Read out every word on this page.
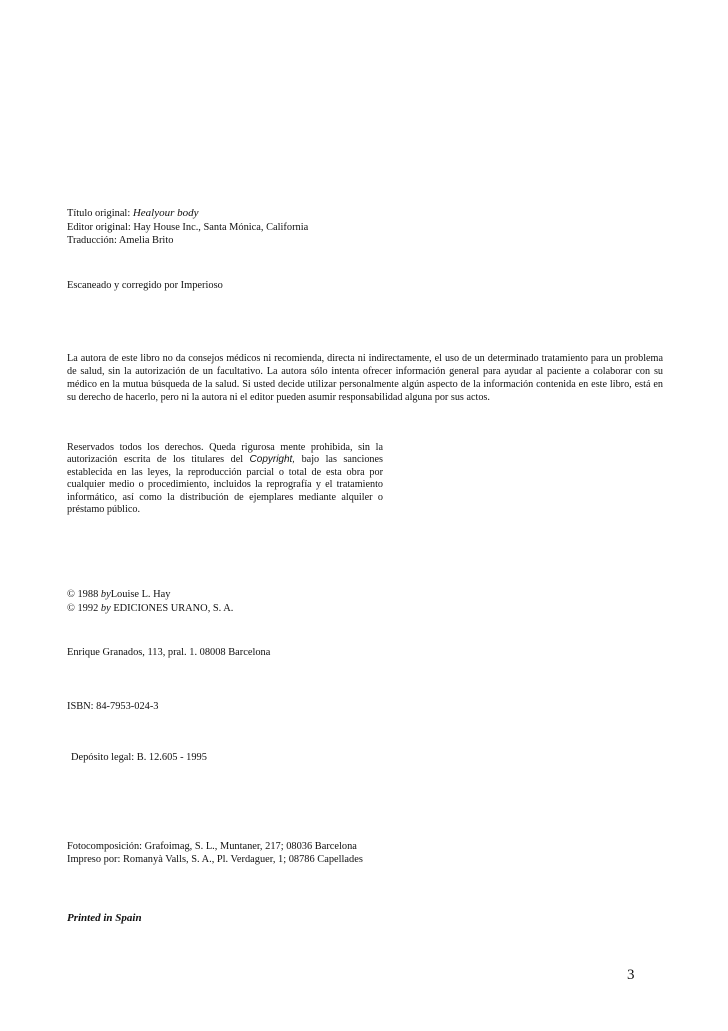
Título original: Healyour body
Editor original: Hay House Inc., Santa Mónica, California
Traducción: Amelia Brito
Escaneado y corregido por Imperioso
La autora de este libro no da consejos médicos ni recomienda, directa ni indirectamente, el uso de un determinado tratamiento para un problema de salud, sin la autorización de un facultativo. La autora sólo intenta ofrecer información general para ayudar al paciente a colaborar con su médico en la mutua búsqueda de la salud. Si usted decide utilizar personalmente algún aspecto de la información contenida en este libro, está en su derecho de hacerlo, pero ni la autora ni el editor pueden asumir responsabilidad alguna por sus actos.
Reservados todos los derechos. Queda rigurosa mente prohibida, sin la autorización escrita de los titulares del Copyright, bajo las sanciones establecida en las leyes, la reproducción parcial o total de esta obra por cualquier medio o procedimiento, incluidos la reprografía y el tratamiento informático, así como la distribución de ejemplares mediante alquiler o préstamo público.
© 1988 byLouise L. Hay
© 1992 by EDICIONES URANO, S. A.
Enrique Granados, 113, pral. 1. 08008 Barcelona
ISBN: 84-7953-024-3
Depósito legal: B. 12.605 - 1995
Fotocomposición: Grafoimag, S. L., Muntaner, 217; 08036 Barcelona
Impreso por: Romanyà Valls, S. A., Pl. Verdaguer, 1; 08786 Capellades
Printed in Spain
3
